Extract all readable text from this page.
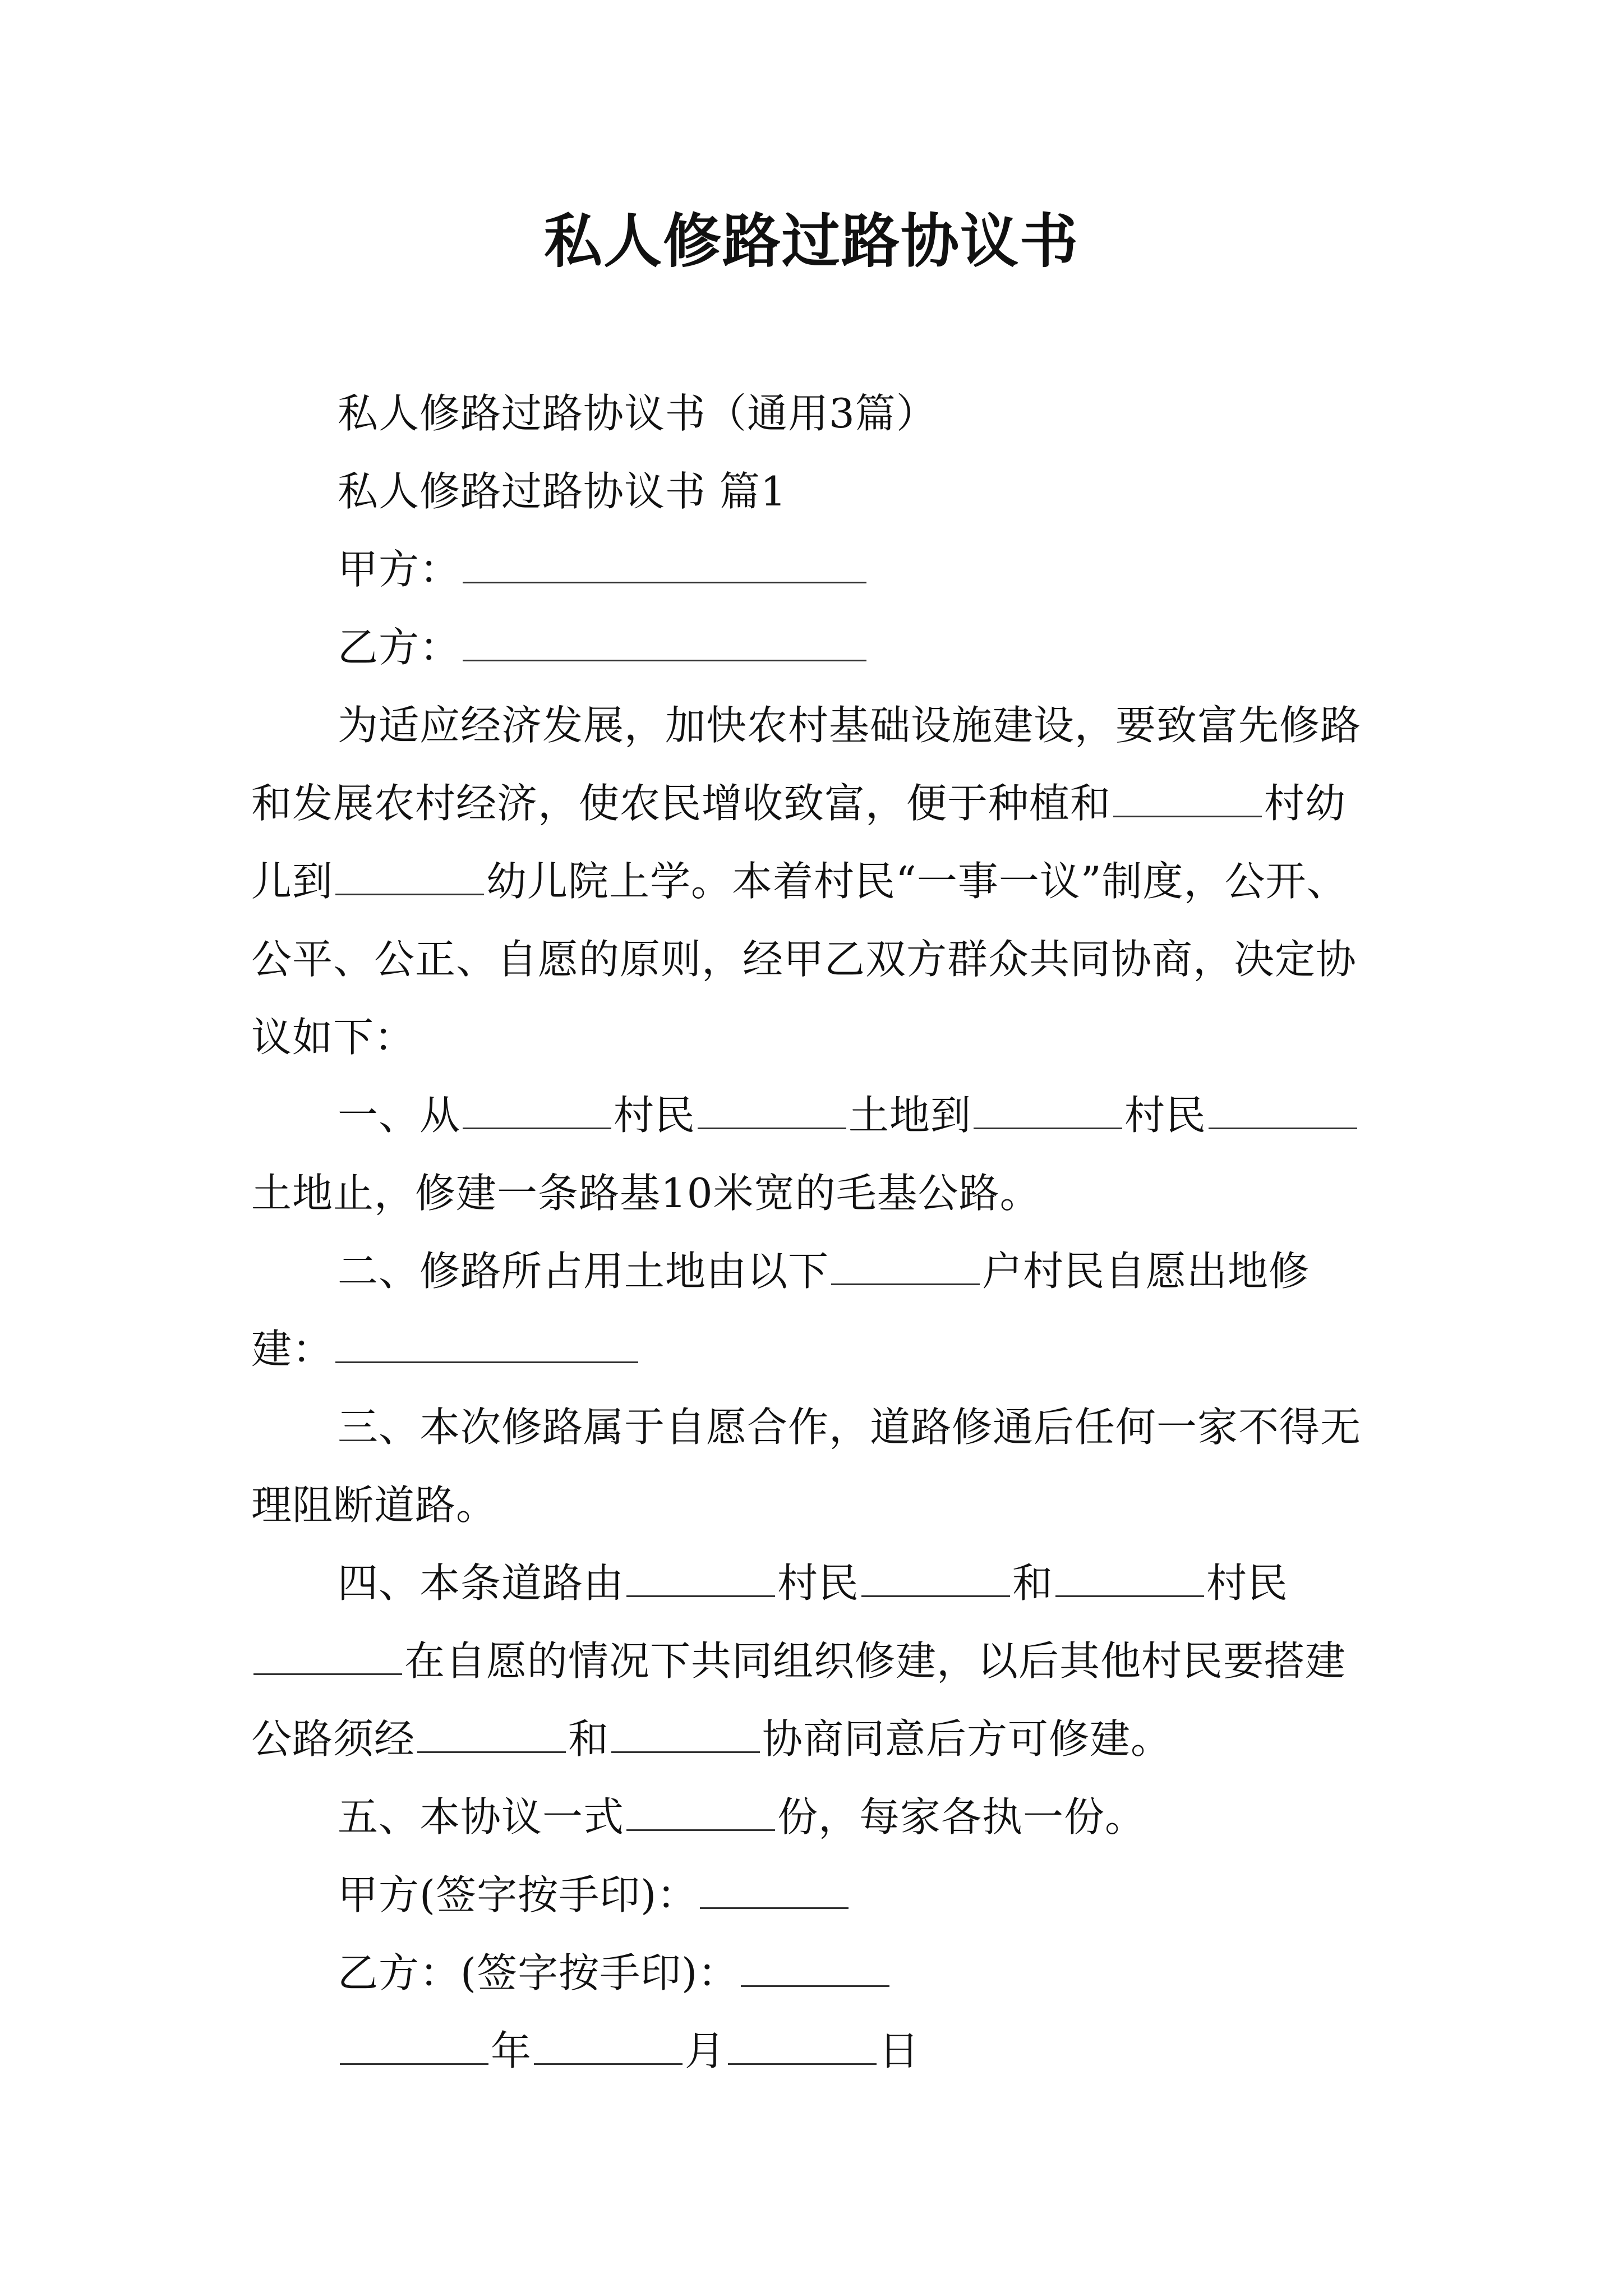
私人修路过路协议书

私人修路过路协议书（通用3篇）

私人修路过路协议书 篇1

甲方：

乙方：

为适应经济发展，加快农村基础设施建设，要致富先修路和发展农村经济，使农民增收致富，便于种植和	村幼儿到	幼儿院上学。本着村民“一事一议”制度，公开、公平、公正、自愿的原则，经甲乙双方群众共同协商，决定协议如下：

一、从	村民	土地到	村民土地止，修建一条路基10米宽的毛基公路。

二、修路所占用土地由以下	户村民自愿出地修建：

三、本次修路属于自愿合作，道路修通后任何一家不得无理阻断道路。

四、本条道路由	村民	和	村民在自愿的情况下共同组织修建，以后其他村民要搭建公路须经	和	协商同意后方可修建。

五、本协议一式	份，每家各执一份。

甲方(签字按手印)：

乙方：(签字按手印)：

年	月	日
